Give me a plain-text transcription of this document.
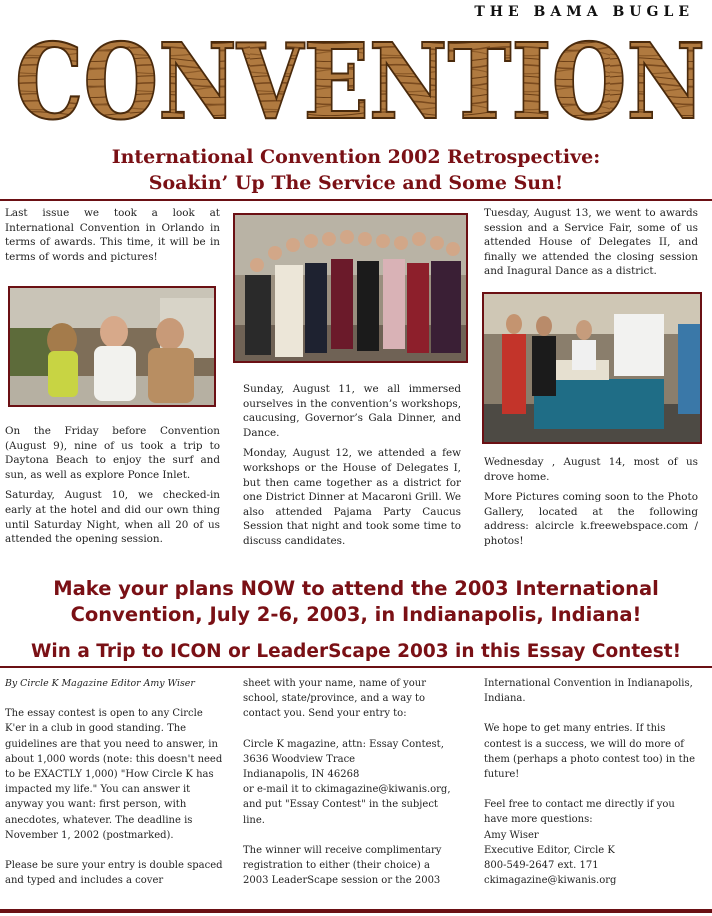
THE BAMA BUGLE
CONVENTION
International Convention 2002 Retrospective:
Soakin’ Up The Service and Some Sun!

Last issue we took a look at International Convention in Orlando in terms of awards. This time, it will be in terms of words and pictures!

On the Friday before Convention (August 9), nine of us took a trip to Daytona Beach to enjoy the surf and sun, as well as explore Ponce Inlet.

Saturday, August 10, we checked-in early at the hotel and did our own thing until Saturday Night, when all 20 of us attended the opening session.

Sunday, August 11, we all immersed ourselves in the convention’s workshops, caucusing, Governor’s Gala Dinner, and Dance.

Monday, August 12, we attended a few workshops or the House of Delegates I, but then came together as a district for one District Dinner at Macaroni Grill. We also attended Pajama Party Caucus Session that night and took some time to discuss candidates.

Tuesday, August 13, we went to awards session and a Service Fair, some of us attended House of Delegates II, and finally we attended the closing session and Inagural Dance as a district.

Wednesday , August 14, most of us drove home.

More Pictures coming soon to the Photo Gallery, located at the following address: alcircle k.freewebspace.com / photos!

Make your plans NOW to attend the 2003 International
Convention, July 2-6, 2003, in Indianapolis, Indiana!
Win a Trip to ICON or LeaderScape 2003 in this Essay Contest!

By Circle K Magazine Editor Amy Wiser

The essay contest is open to any Circle K'er in a club in good standing. The guidelines are that you need to answer, in about 1,000 words (note: this doesn't need to be EXACTLY 1,000) "How Circle K has impacted my life." You can answer it anyway you want: first person, with anecdotes, whatever. The deadline is November 1, 2002 (postmarked).

Please be sure your entry is double spaced and typed and includes a cover

sheet with your name, name of your school, state/province, and a way to contact you. Send your entry to:

Circle K magazine, attn: Essay Contest,

3636 Woodview Trace

Indianapolis, IN 46268

or e-mail it to ckimagazine@kiwanis.org,

and put "Essay Contest" in the subject line.

The winner will receive complimentary registration to either (their choice) a 2003 LeaderScape session or the 2003

International Convention in Indianapolis, Indiana.

We hope to get many entries. If this contest is a success, we will do more of them (perhaps a photo contest too) in the future!

Feel free to contact me directly if you have more questions:

Amy Wiser

Executive Editor, Circle K

800-549-2647 ext. 171

ckimagazine@kiwanis.org
